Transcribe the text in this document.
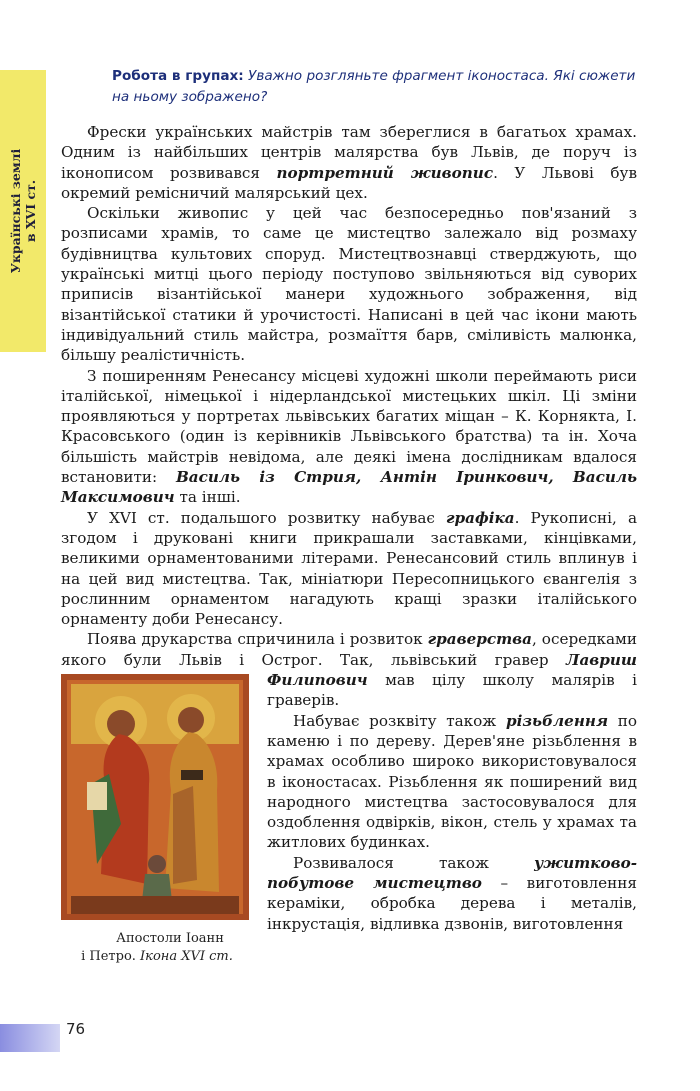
Українські землі в XVI ст.
Робота в групах: Уважно розгляньте фрагмент іконостаса. Які сюжети на ньому зображено?

Фрески українських майстрів там збереглися в багатьох храмах. Одним із найбільших центрів малярства був Львів, де поруч із іконописом розвивався портретний живопис. У Львові був окремий ремісничий малярський цех.

Оскільки живопис у цей час безпосередньо пов'язаний з розписами храмів, то саме це мистецтво залежало від розмаху будівництва культових споруд. Мистецтвознавці стверджують, що українські митці цього періоду поступово звільняються від суворих приписів візантійської манери художнього зображення, від візантійської статики й урочистості. Написані в цей час ікони мають індивідуальний стиль майстра, розмаїття барв, сміливість малюнка, більшу реалістичність.

З поширенням Ренесансу місцеві художні школи переймають риси італійської, німецької і нідерландської мистецьких шкіл. Ці зміни проявляються у портретах львівських багатих міщан – К. Корнякта, І. Красовського (один із керівників Львівського братства) та ін. Хоча більшість майстрів невідома, але деякі імена дослідникам вдалося встановити: Василь із Стрия, Антін Іринкович, Василь Максимович та інші.

У XVI ст. подальшого розвитку набуває графіка. Рукописні, а згодом і друковані книги прикрашали заставками, кінцівками, великими орнаментованими літерами. Ренесансовий стиль вплинув і на цей вид мистецтва. Так, мініатюри Пересопницького євангелія з рослинним орнаментом нагадують кращі зразки італійського орнаменту доби Ренесансу.

Поява друкарства спричинила і розвиток граверства, осередками якого були Львів і Острог. Так, львівський гравер
Апостоли Іоанн
і Петро. Ікона XVI ст.
Лавриш Филипович мав цілу школу малярів і граверів.

Набуває розквіту також різьблення по каменю і по дереву. Дерев'яне різьблення в храмах особливо широко використовувалося в іконостасах. Різьблення як поширений вид народного мистецтва застосовувалося для оздоблення одвірків, вікон, стель у храмах та житлових будинках.

Розвивалося також ужитково-побутове мистецтво – виготовлення кераміки, обробка дерева і металів, інкрустація, відливка дзвонів, виготовлення

76
